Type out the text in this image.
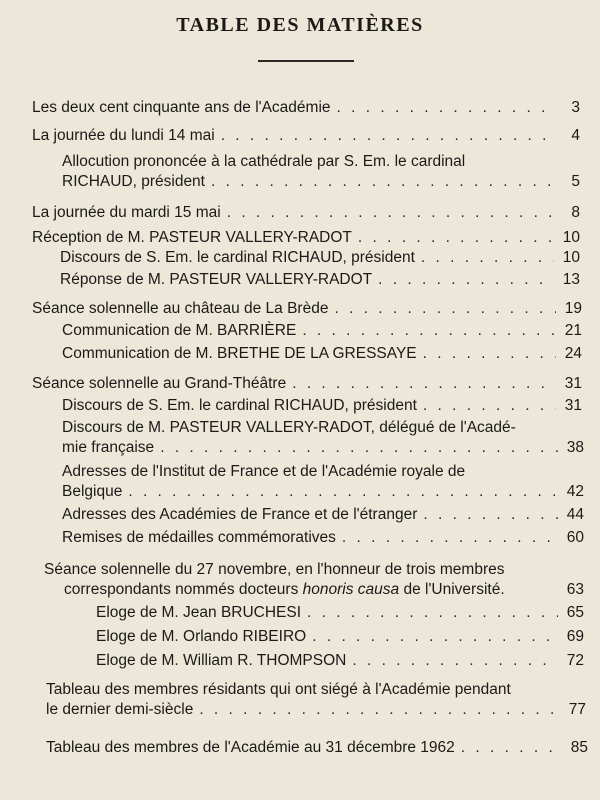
TABLE DES MATIÈRES
Les deux cent cinquante ans de l'Académie . . .	3
La journée du lundi 14 mai . . .	4
Allocution prononcée à la cathédrale par S. Em. le cardinal
RICHAUD, président . . .	5
La journée du mardi 15 mai . . .	8
Réception de M. PASTEUR VALLERY-RADOT . . .	10
Discours de S. Em. le cardinal RICHAUD, président . . .	10
Réponse de M. PASTEUR VALLERY-RADOT . . .	13
Séance solennelle au château de La Brède . . .	19
Communication de M. BARRIÈRE . . .	21
Communication de M. BRETHE DE LA GRESSAYE . . .	24
Séance solennelle au Grand-Théâtre . . .	31
Discours de S. Em. le cardinal RICHAUD, président . . .	31
Discours de M. PASTEUR VALLERY-RADOT, délégué de l'Acadé-
mie française . . .	38
Adresses de l'Institut de France et de l'Académie royale de
Belgique . . .	42
Adresses des Académies de France et de l'étranger . . .	44
Remises de médailles commémoratives . . .	60
Séance solennelle du 27 novembre, en l'honneur de trois membres
correspondants nommés docteurs honoris causa de l'Université.	63
Eloge de M. Jean BRUCHESI . . .	65
Eloge de M. Orlando RIBEIRO . . .	69
Eloge de M. William R. THOMPSON . . .	72
Tableau des membres résidants qui ont siégé à l'Académie pendant
le dernier demi-siècle . . .	77
Tableau des membres de l'Académie au 31 décembre 1962 . . .	85
